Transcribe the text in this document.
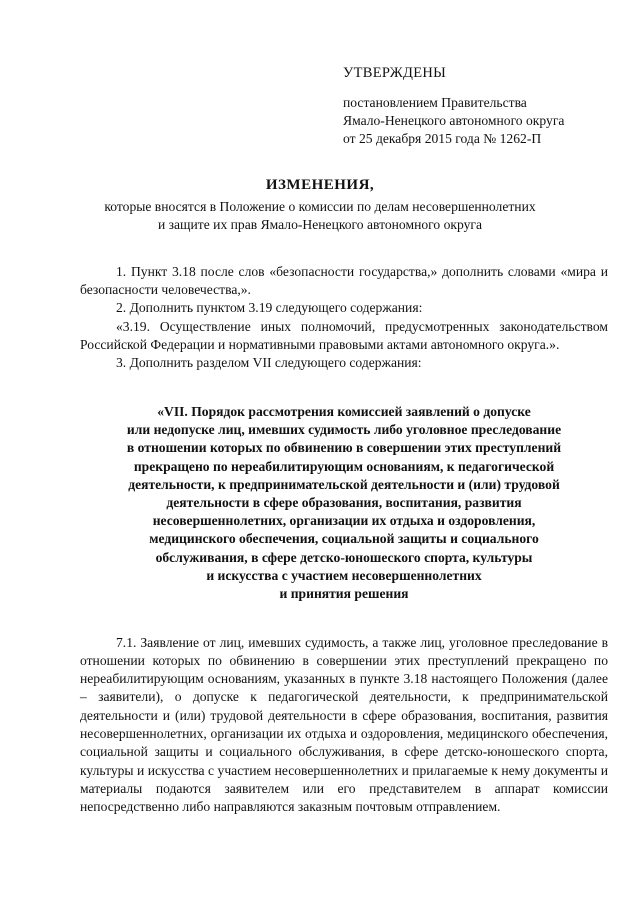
УТВЕРЖДЕНЫ
постановлением Правительства
Ямало-Ненецкого автономного округа
от 25 декабря 2015 года № 1262-П
ИЗМЕНЕНИЯ,
которые вносятся в Положение о комиссии по делам несовершеннолетних
и защите их прав Ямало-Ненецкого автономного округа

1. Пункт 3.18 после слов «безопасности государства,» дополнить словами «мира и безопасности человечества,».

2. Дополнить пунктом 3.19 следующего содержания:

«3.19. Осуществление иных полномочий, предусмотренных законодательством Российской Федерации и нормативными правовыми актами автономного округа.».

3. Дополнить разделом VII следующего содержания:

«VII. Порядок рассмотрения комиссией заявлений о допуске
или недопуске лиц, имевших судимость либо уголовное преследование
в отношении которых по обвинению в совершении этих преступлений
прекращено по нереабилитирующим основаниям, к педагогической
деятельности, к предпринимательской деятельности и (или) трудовой
деятельности в сфере образования, воспитания, развития
несовершеннолетних, организации их отдыха и оздоровления,
медицинского обеспечения, социальной защиты и социального
обслуживания, в сфере детско-юношеского спорта, культуры
и искусства с участием несовершеннолетних
и принятия решения

7.1. Заявление от лиц, имевших судимость, а также лиц, уголовное преследование в отношении которых по обвинению в совершении этих преступлений прекращено по нереабилитирующим основаниям, указанных в пункте 3.18 настоящего Положения (далее – заявители), о допуске к педагогической деятельности, к предпринимательской деятельности и (или) трудовой деятельности в сфере образования, воспитания, развития несовершеннолетних, организации их отдыха и оздоровления, медицинского обеспечения, социальной защиты и социального обслуживания, в сфере детско-юношеского спорта, культуры и искусства с участием несовершеннолетних и прилагаемые к нему документы и материалы подаются заявителем или его представителем в аппарат комиссии непосредственно либо направляются заказным почтовым отправлением.
